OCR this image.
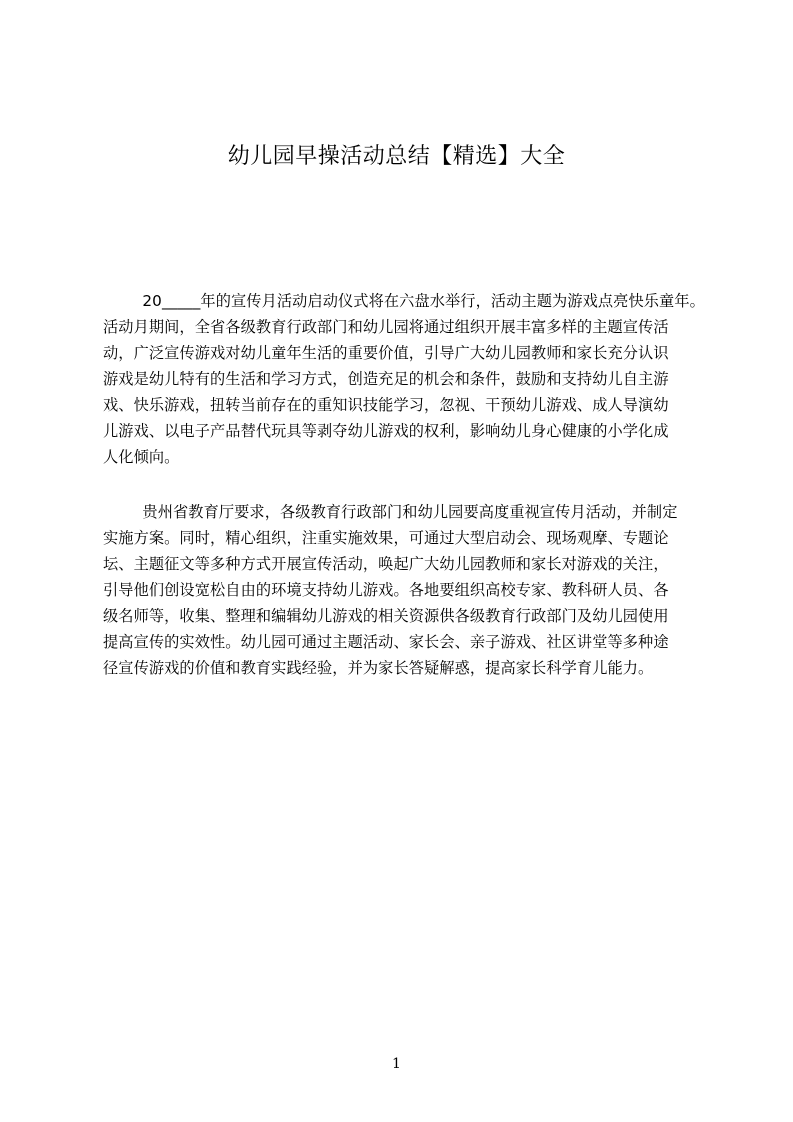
幼儿园早操活动总结【精选】大全
20_____年的宣传月活动启动仪式将在六盘水举行，活动主题为游戏点亮快乐童年。
活动月期间，全省各级教育行政部门和幼儿园将通过组织开展丰富多样的主题宣传活
动，广泛宣传游戏对幼儿童年生活的重要价值，引导广大幼儿园教师和家长充分认识
游戏是幼儿特有的生活和学习方式，创造充足的机会和条件，鼓励和支持幼儿自主游
戏、快乐游戏，扭转当前存在的重知识技能学习，忽视、干预幼儿游戏、成人导演幼
儿游戏、以电子产品替代玩具等剥夺幼儿游戏的权利，影响幼儿身心健康的小学化成
人化倾向。
贵州省教育厅要求，各级教育行政部门和幼儿园要高度重视宣传月活动，并制定
实施方案。同时，精心组织，注重实施效果，可通过大型启动会、现场观摩、专题论
坛、主题征文等多种方式开展宣传活动，唤起广大幼儿园教师和家长对游戏的关注，
引导他们创设宽松自由的环境支持幼儿游戏。各地要组织高校专家、教科研人员、各
级名师等，收集、整理和编辑幼儿游戏的相关资源供各级教育行政部门及幼儿园使用
提高宣传的实效性。幼儿园可通过主题活动、家长会、亲子游戏、社区讲堂等多种途
径宣传游戏的价值和教育实践经验，并为家长答疑解惑，提高家长科学育儿能力。
1
